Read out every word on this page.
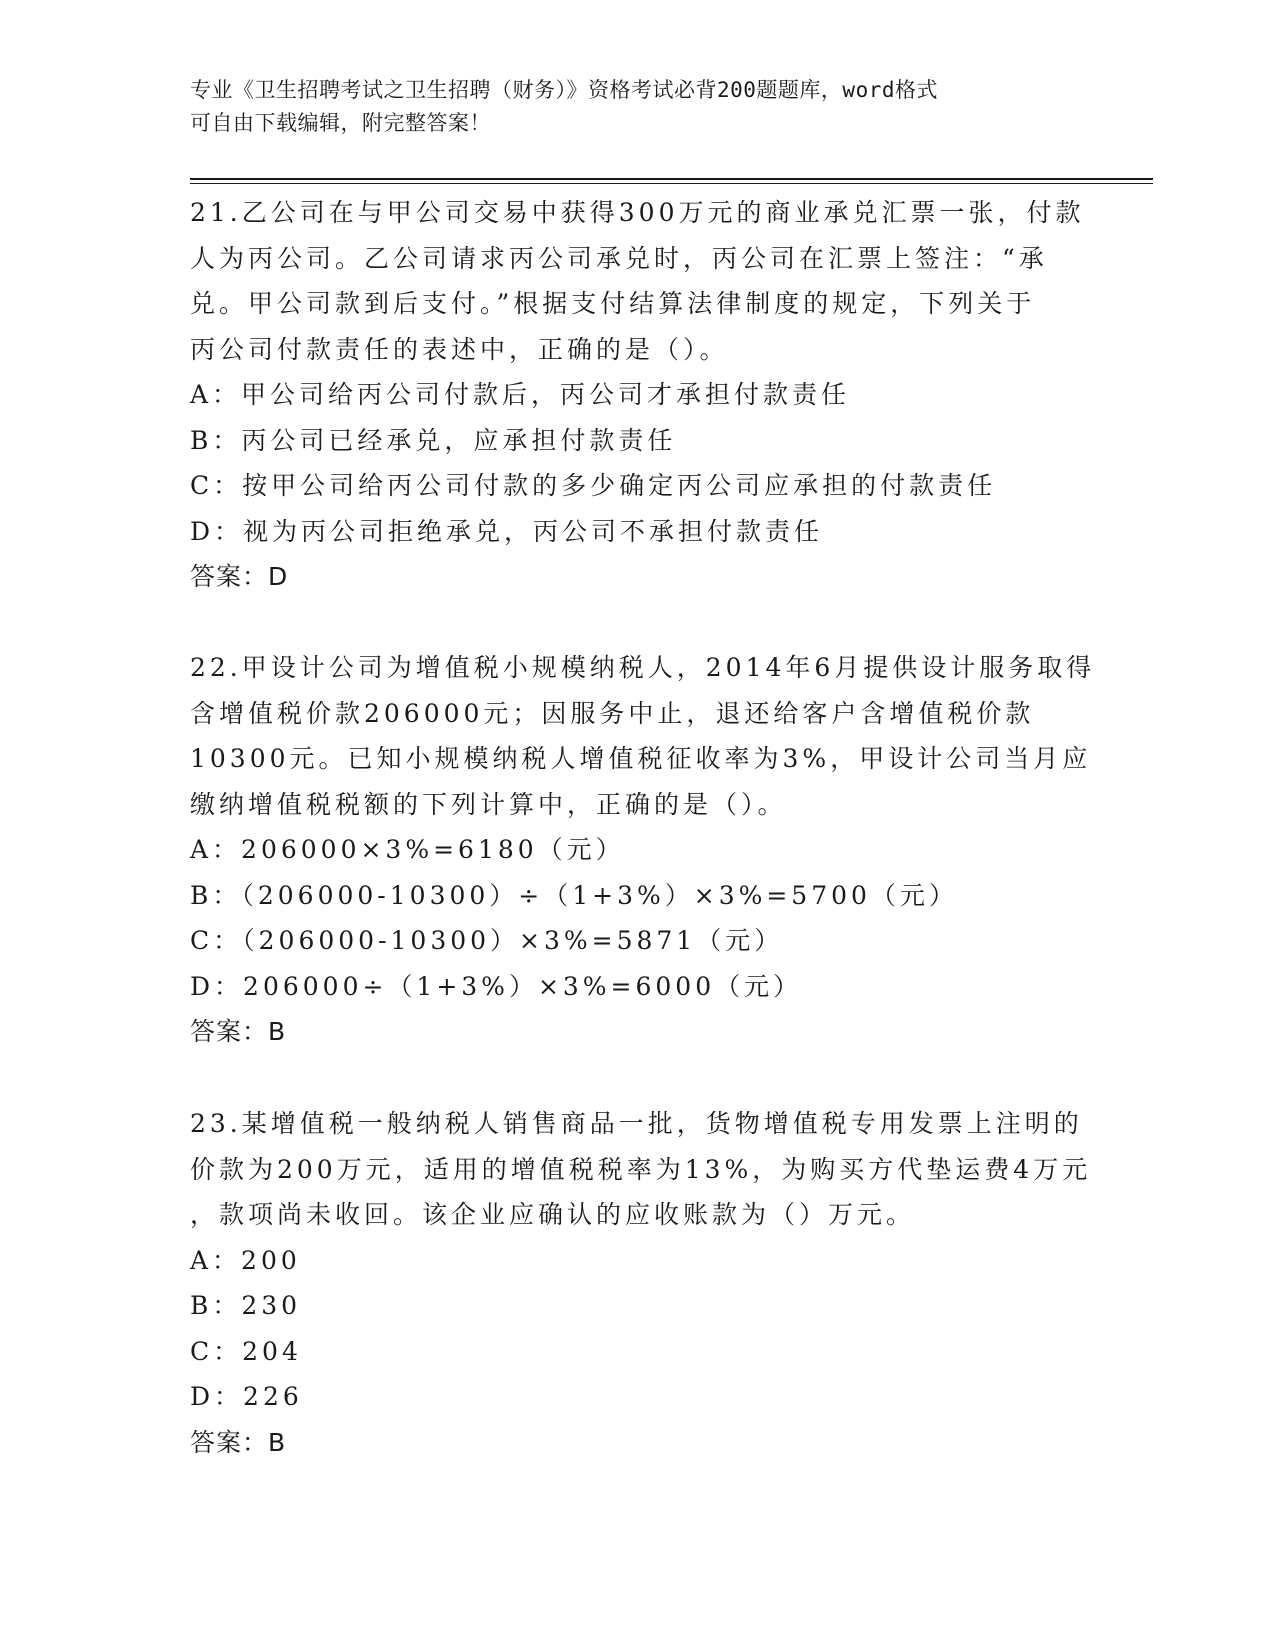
专业《卫生招聘考试之卫生招聘（财务）》资格考试必背200题题库，word格式
可自由下载编辑，附完整答案！
21.乙公司在与甲公司交易中获得300万元的商业承兑汇票一张，付款
人为丙公司。乙公司请求丙公司承兑时，丙公司在汇票上签注：“承
兑。甲公司款到后支付。”根据支付结算法律制度的规定，下列关于
丙公司付款责任的表述中，正确的是（）。
A：甲公司给丙公司付款后，丙公司才承担付款责任
B：丙公司已经承兑，应承担付款责任
C：按甲公司给丙公司付款的多少确定丙公司应承担的付款责任
D：视为丙公司拒绝承兑，丙公司不承担付款责任
答案：D
22.甲设计公司为增值税小规模纳税人，2014年6月提供设计服务取得
含增值税价款206000元；因服务中止，退还给客户含增值税价款
10300元。已知小规模纳税人增值税征收率为3%，甲设计公司当月应
缴纳增值税税额的下列计算中，正确的是（）。
A：206000×3%=6180（元）
B：（206000-10300）÷（1+3%）×3%=5700（元）
C：（206000-10300）×3%=5871（元）
D：206000÷（1+3%）×3%=6000（元）
答案：B
23.某增值税一般纳税人销售商品一批，货物增值税专用发票上注明的
价款为200万元，适用的增值税税率为13%，为购买方代垫运费4万元
，款项尚未收回。该企业应确认的应收账款为（）万元。
A：200
B：230
C：204
D：226
答案：B
